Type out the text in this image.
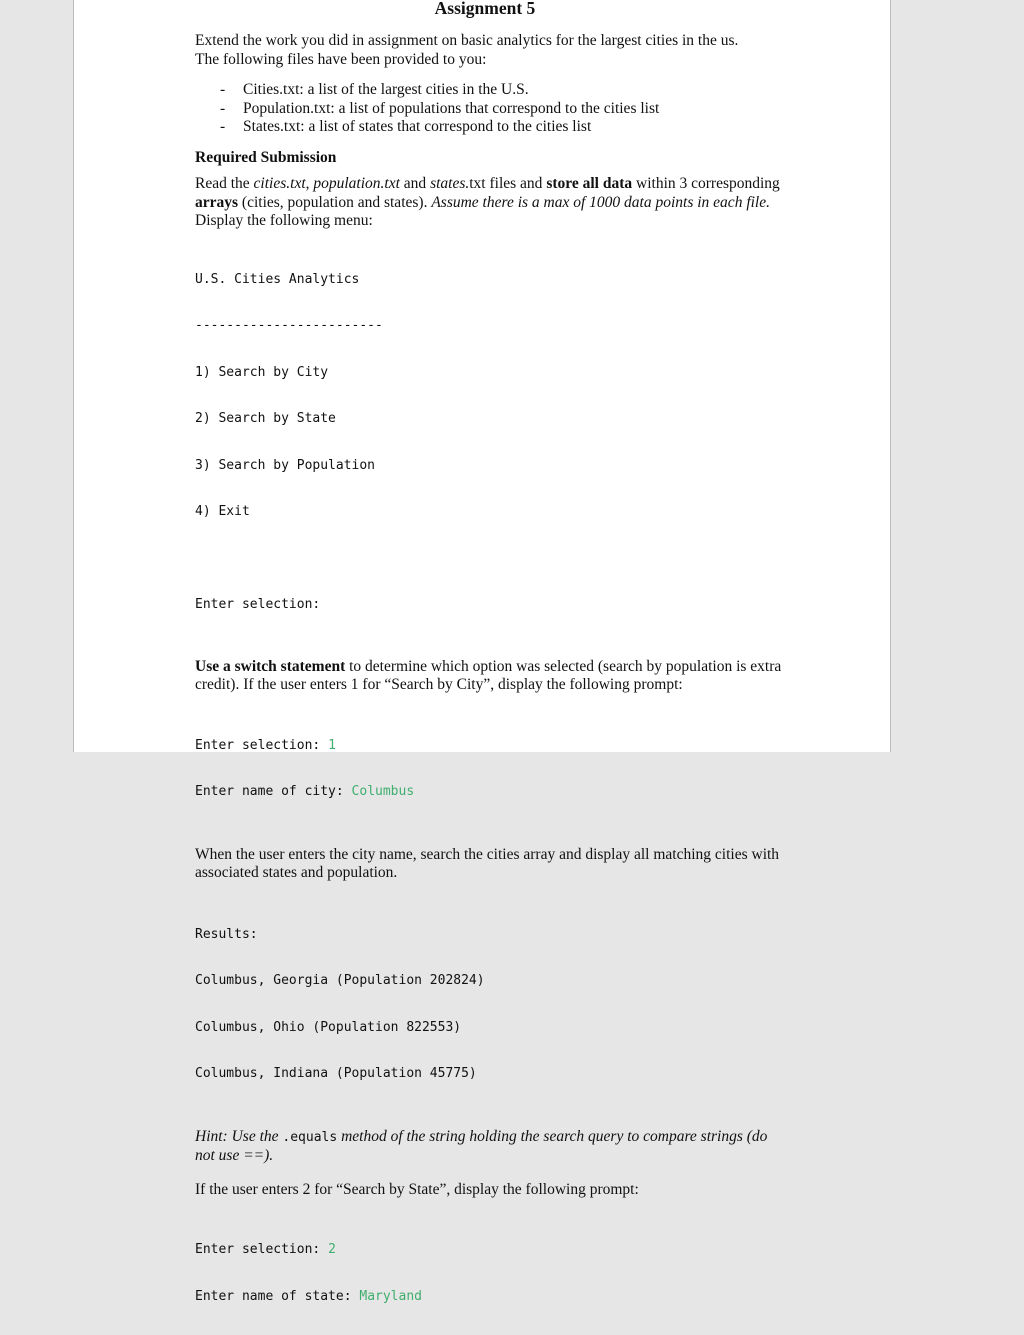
Assignment 5

Extend the work you did in assignment on basic analytics for the largest cities in the us.
The following files have been provided to you:

- Cities.txt: a list of the largest cities in the U.S.
- Population.txt: a list of populations that correspond to the cities list
- States.txt: a list of states that correspond to the cities list

Required Submission

Read the cities.txt, population.txt and states.txt files and store all data within 3 corresponding arrays (cities, population and states). Assume there is a max of 1000 data points in each file. Display the following menu:

U.S. Cities Analytics

------------------------

1) Search by City

2) Search by State

3) Search by Population

4) Exit

Enter selection:

Use a switch statement to determine which option was selected (search by population is extra credit). If the user enters 1 for “Search by City”, display the following prompt:

Enter selection: 1

Enter name of city: Columbus

When the user enters the city name, search the cities array and display all matching cities with associated states and population.

Results:

Columbus, Georgia (Population 202824)

Columbus, Ohio (Population 822553)

Columbus, Indiana (Population 45775)

Hint: Use the .equals method of the string holding the search query to compare strings (do not use ==).

If the user enters 2 for “Search by State”, display the following prompt:

Enter selection: 2

Enter name of state: Maryland
